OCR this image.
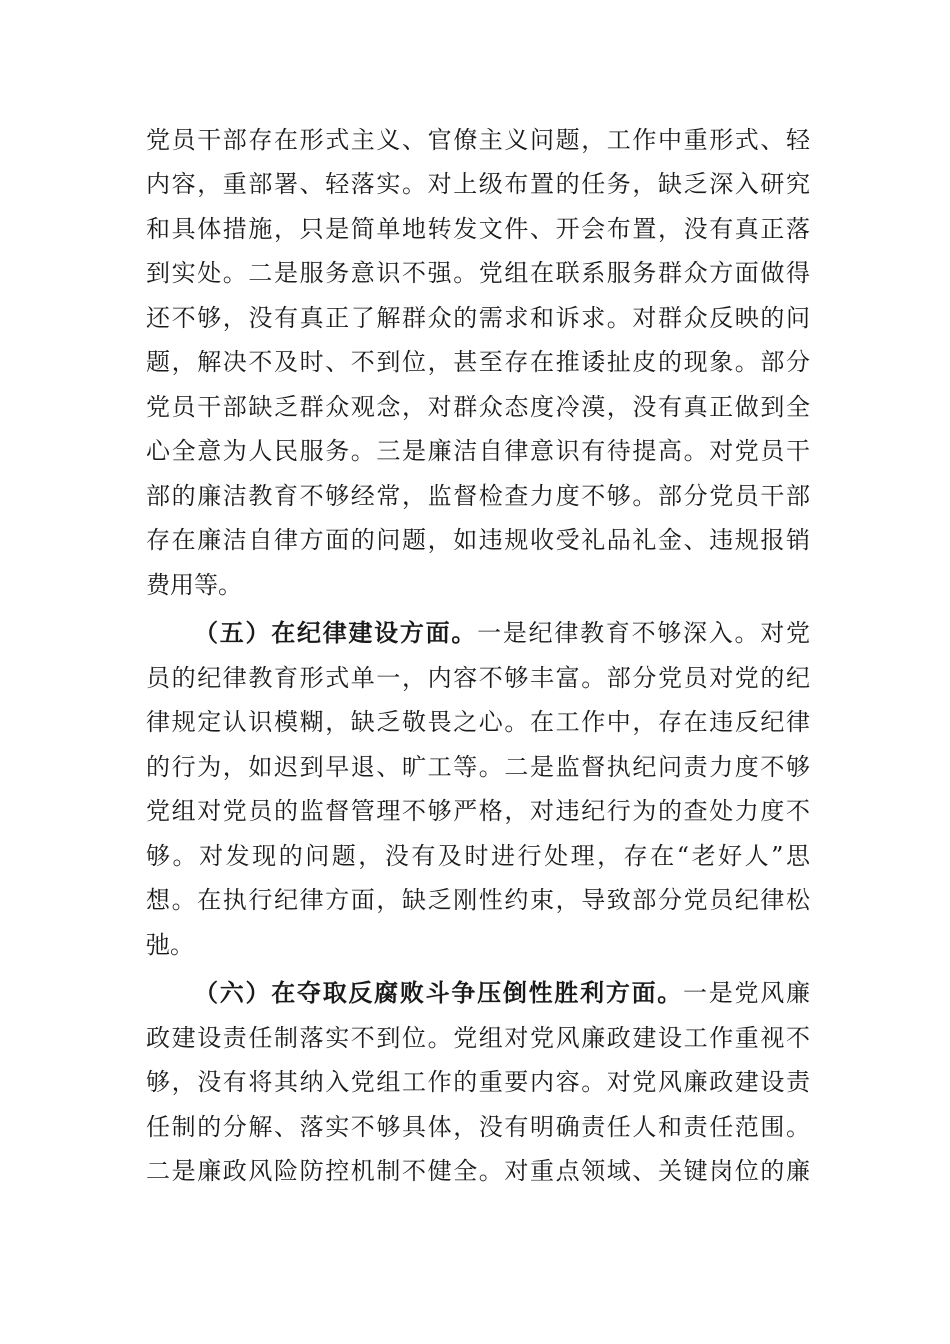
党员干部存在形式主义、官僚主义问题，工作中重形式、轻
内容，重部署、轻落实。对上级布置的任务，缺乏深入研究
和具体措施，只是简单地转发文件、开会布置，没有真正落
到实处。二是服务意识不强。党组在联系服务群众方面做得
还不够，没有真正了解群众的需求和诉求。对群众反映的问
题，解决不及时、不到位，甚至存在推诿扯皮的现象。部分
党员干部缺乏群众观念，对群众态度冷漠，没有真正做到全
心全意为人民服务。三是廉洁自律意识有待提高。对党员干
部的廉洁教育不够经常，监督检查力度不够。部分党员干部
存在廉洁自律方面的问题，如违规收受礼品礼金、违规报销
费用等。
（五）在纪律建设方面。一是纪律教育不够深入。对党
员的纪律教育形式单一，内容不够丰富。部分党员对党的纪
律规定认识模糊，缺乏敬畏之心。在工作中，存在违反纪律
的行为，如迟到早退、旷工等。二是监督执纪问责力度不够
党组对党员的监督管理不够严格，对违纪行为的查处力度不
够。对发现的问题，没有及时进行处理，存在“老好人”思
想。在执行纪律方面，缺乏刚性约束，导致部分党员纪律松
弛。
（六）在夺取反腐败斗争压倒性胜利方面。一是党风廉
政建设责任制落实不到位。党组对党风廉政建设工作重视不
够，没有将其纳入党组工作的重要内容。对党风廉政建设责
任制的分解、落实不够具体，没有明确责任人和责任范围。
二是廉政风险防控机制不健全。对重点领域、关键岗位的廉
